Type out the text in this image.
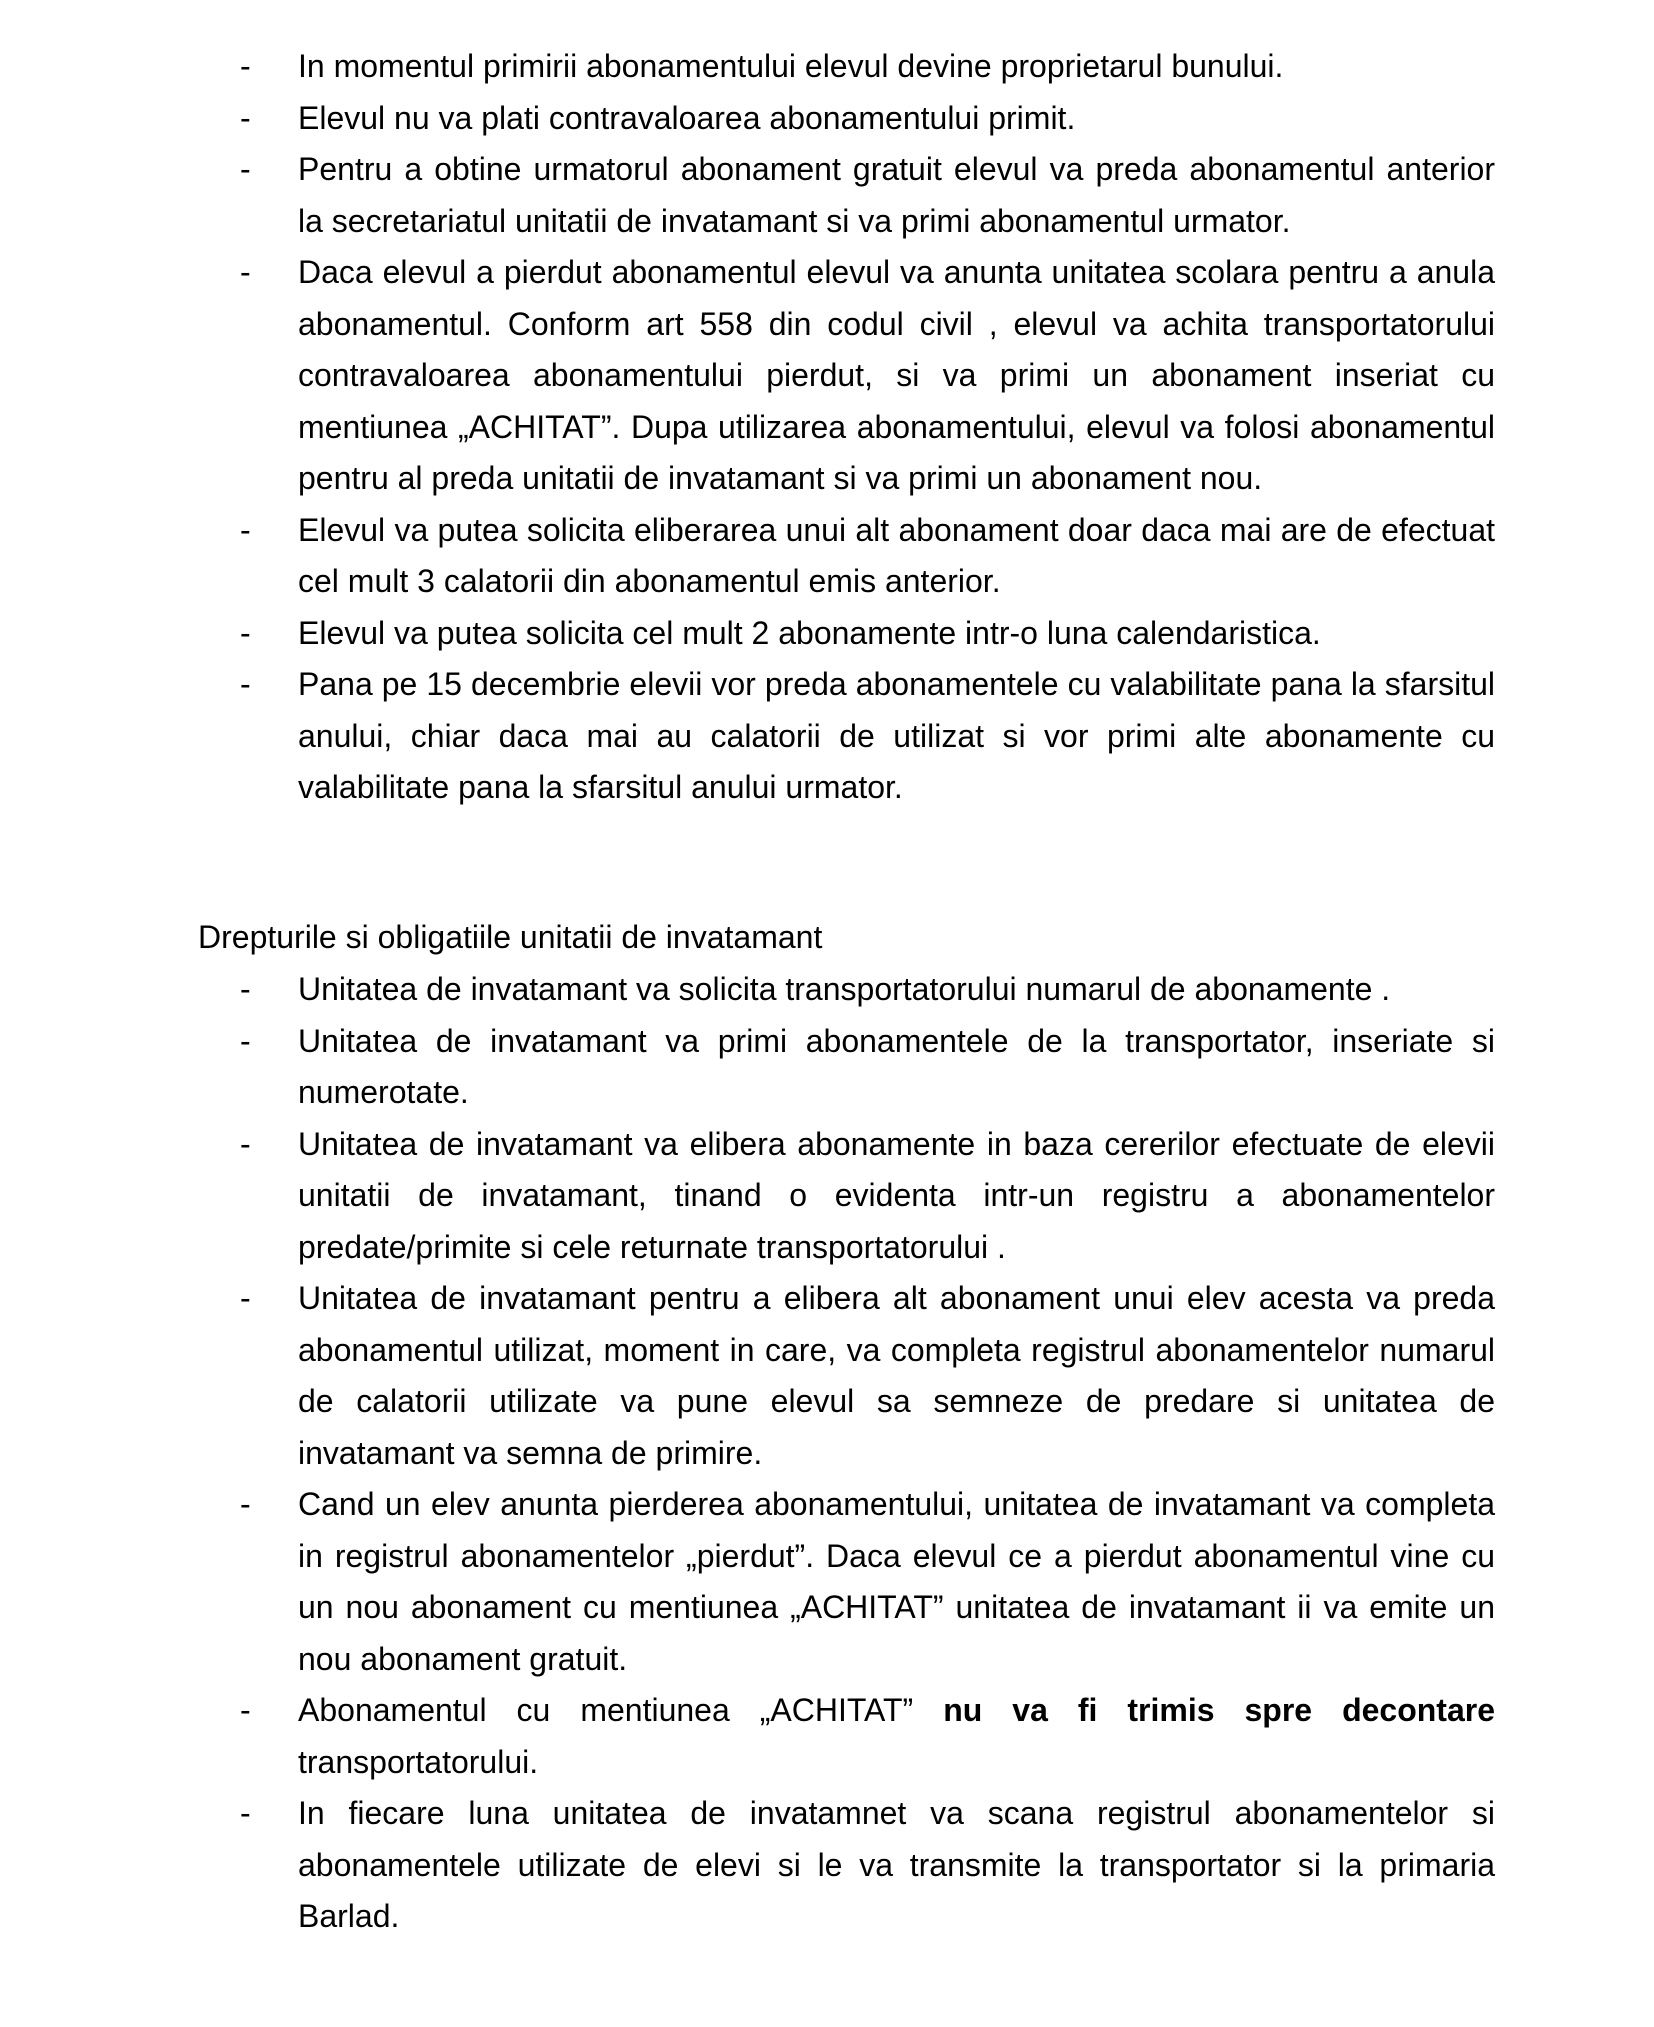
- In momentul primirii abonamentului elevul devine proprietarul bunului.
- Elevul nu va plati contravaloarea abonamentului primit.
- Pentru a obtine urmatorul abonament gratuit elevul va preda abonamentul anterior la secretariatul unitatii de invatamant si va primi abonamentul urmator.
- Daca elevul a pierdut abonamentul elevul va anunta unitatea scolara pentru a anula abonamentul. Conform art 558 din codul civil , elevul va achita transportatorului contravaloarea abonamentului pierdut, si va primi un abonament inseriat cu mentiunea „ACHITAT”. Dupa utilizarea abonamentului, elevul va folosi abonamentul pentru al preda unitatii de invatamant si va primi un abonament nou.
- Elevul va putea solicita eliberarea unui alt abonament doar daca mai are de efectuat cel mult 3 calatorii din abonamentul emis anterior.
- Elevul va putea solicita cel mult 2 abonamente intr-o luna calendaristica.
- Pana pe 15 decembrie elevii vor preda abonamentele cu valabilitate pana la sfarsitul anului, chiar daca mai au calatorii de utilizat si vor primi alte abonamente cu valabilitate pana la sfarsitul anului urmator.

Drepturile si obligatiile unitatii de invatamant

- Unitatea de invatamant va solicita transportatorului numarul de abonamente .
- Unitatea de invatamant va primi abonamentele de la transportator, inseriate si numerotate.
- Unitatea de invatamant va elibera abonamente in baza cererilor efectuate de elevii unitatii de invatamant, tinand o evidenta intr-un registru a abonamentelor predate/primite si cele returnate transportatorului .
- Unitatea de invatamant pentru a elibera alt abonament unui elev acesta va preda abonamentul utilizat, moment in care, va completa registrul abonamentelor numarul de calatorii utilizate va pune elevul sa semneze de predare si unitatea de invatamant va semna de primire.
- Cand un elev anunta pierderea abonamentului, unitatea de invatamant va completa in registrul abonamentelor „pierdut”. Daca elevul ce a pierdut abonamentul vine cu un nou abonament cu mentiunea „ACHITAT” unitatea de invatamant ii va emite un nou abonament gratuit.
- Abonamentul cu mentiunea „ACHITAT” nu va fi trimis spre decontare transportatorului.
- In fiecare luna unitatea de invatamnet va scana registrul abonamentelor si abonamentele utilizate de elevi si le va transmite la transportator si la primaria Barlad.
